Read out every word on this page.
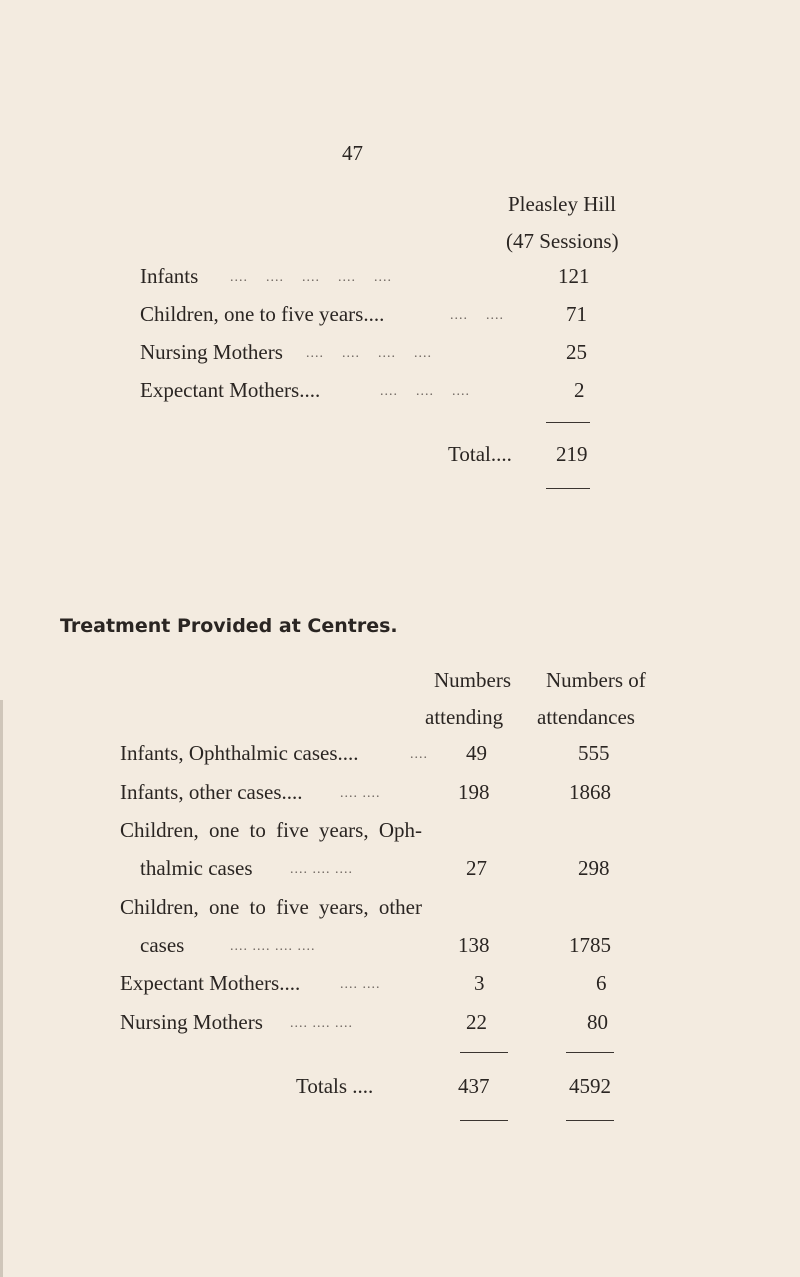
47
Pleasley Hill
(47 Sessions)
Infants ....    ....    ....    ....    ....	121
Children, one to five years....	....    ....	71
Nursing Mothers ....    ....    ....    ....	25
Expectant Mothers....	....    ....    ....	2
Total.... 219
Treatment Provided at Centres.
Numbers
attending
Numbers of
attendances
Infants, Ophthalmic cases....	.... 49	555
Infants, other cases....	.... ....	198	1868
Children, one to five years, Oph-
thalmic cases	.... .... ....	27	298
Children, one to five years, other
cases	.... .... .... ....	138	1785
Expectant Mothers....	.... ....	3	6
Nursing Mothers .... .... ....	22	80
Totals ....	437	4592
